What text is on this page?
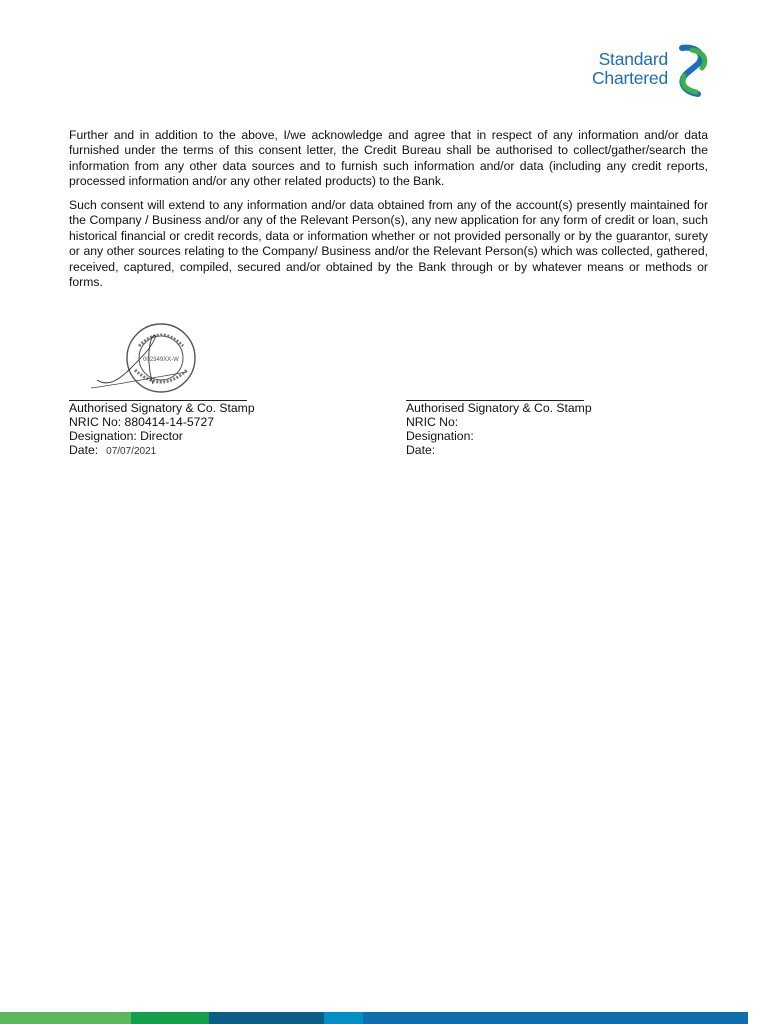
Standard
Chartered

Further and in addition to the above, I/we acknowledge and agree that in respect of any information and/or data furnished under the terms of this consent letter, the Credit Bureau shall be authorised to collect/gather/search the information from any other data sources and to furnish such information and/or data (including any credit reports, processed information and/or any other related products) to the Bank.

Such consent will extend to any information and/or data obtained from any of the account(s) presently maintained for the Company / Business and/or any of the Relevant Person(s), any new application for any form of credit or loan, such historical financial or credit records, data or information whether or not provided personally or by the guarantor, surety or any other sources relating to the Company/ Business and/or the Relevant Person(s) which was collected, gathered, received, captured, compiled, secured and/or obtained by the Bank through or by whatever means or methods or forms.

002349XX-W
Authorised Signatory & Co. Stamp
NRIC No: 880414-14-5727
Designation: Director
Date: 07/07/2021
Authorised Signatory & Co. Stamp
NRIC No:
Designation:
Date:
